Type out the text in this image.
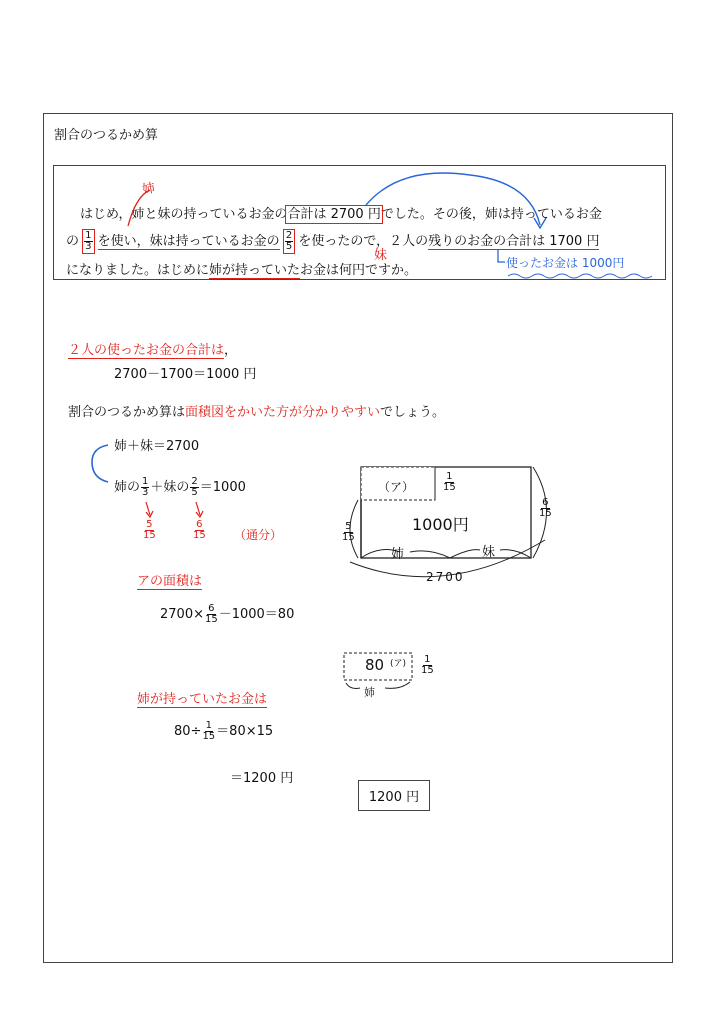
割合のつるかめ算
はじめ，姉と妹の持っているお金の合計は 2700 円でした。その後，姉は持っているお金
の $\frac{1}{3}$ を使い，妹は持っているお金の $\frac{2}{5}$ を使ったので，２人の残りのお金の合計は 1700 円
になりました。はじめに姉が持っていたお金は何円ですか。
姉
妹	使ったお金は 1000円
２人の使ったお金の合計は，
2700－1700＝1000 円
割合のつるかめ算は面積図をかいた方が分かりやすいでしょう。
姉＋妹＝2700
姉の $\frac{1}{3}$ ＋妹の $\frac{2}{5} =1000$
$\frac{5}{15}$	$\frac{6}{15}$ （通分）
（ア）	$\frac{1}{15}$
1000円
$\frac{5}{15}$
$\frac{6}{15}$
姉	妹
2700
アの面積は
$2700\times \frac{6}{15} -1000=80$
80 (ア) $\frac{1}{15}$
姉
姉が持っていたお金は
$80\div \frac{1}{15} =80\times 15$
＝1200 円
1200 円
